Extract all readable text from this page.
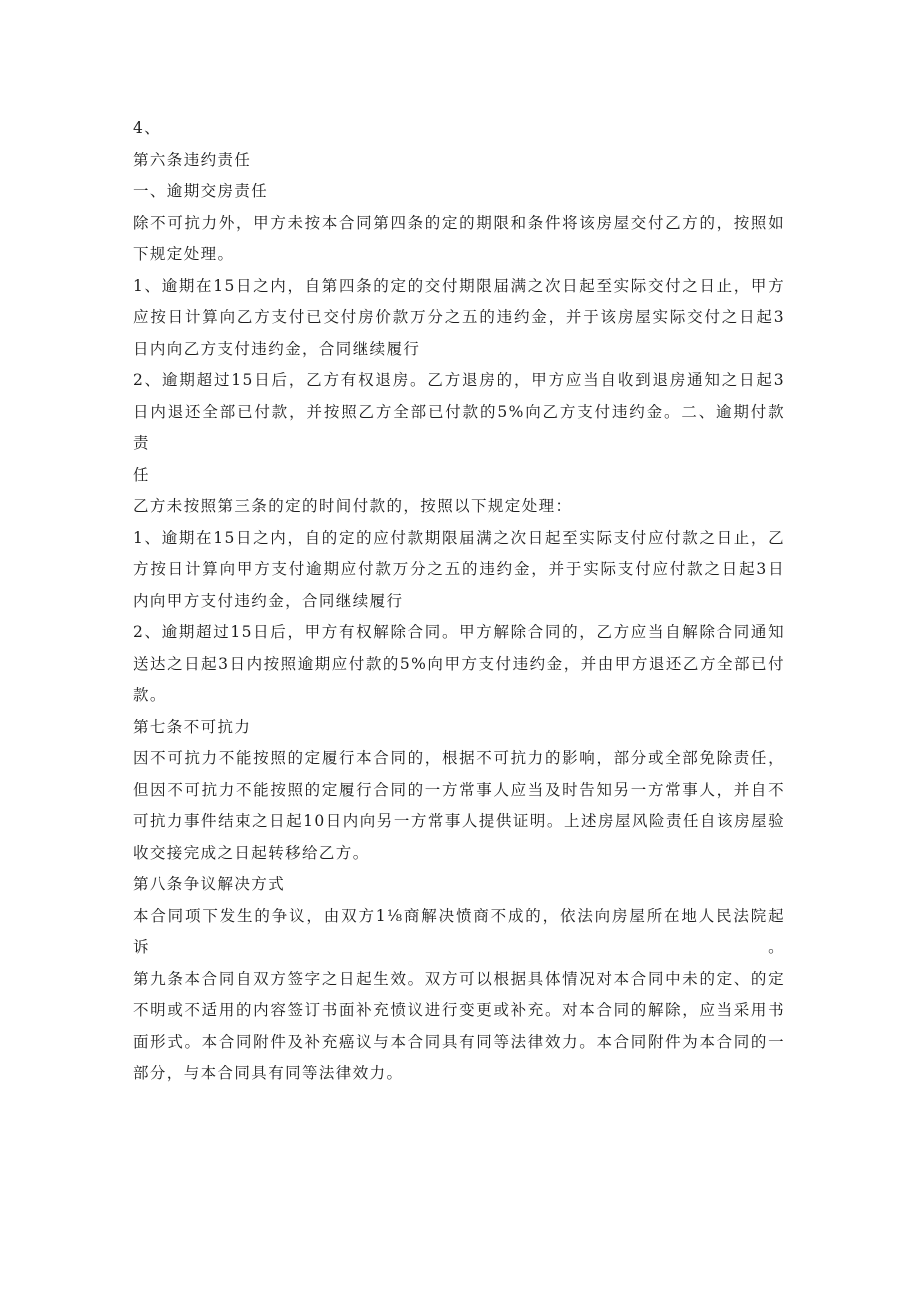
4、

第六条违约责任

一、逾期交房责任

除不可抗力外，甲方未按本合同第四条的定的期限和条件将该房屋交付乙方的，按照如

下规定处理。

1、逾期在15日之内，自第四条的定的交付期限届满之次日起至实际交付之日止，甲方

应按日计算向乙方支付已交付房价款万分之五的违约金，并于该房屋实际交付之日起3

日内向乙方支付违约金，合同继续履行

2、逾期超过15日后，乙方有权退房。乙方退房的，甲方应当自收到退房通知之日起3

日内退还全部已付款，并按照乙方全部已付款的5%向乙方支付违约金。二、逾期付款责

任

乙方未按照第三条的定的时间付款的，按照以下规定处理：

1、逾期在15日之内，自的定的应付款期限届满之次日起至实际支付应付款之日止，乙

方按日计算向甲方支付逾期应付款万分之五的违约金，并于实际支付应付款之日起3日

内向甲方支付违约金，合同继续履行

2、逾期超过15日后，甲方有权解除合同。甲方解除合同的，乙方应当自解除合同通知

送达之日起3日内按照逾期应付款的5%向甲方支付违约金，并由甲方退还乙方全部已付

款。

第七条不可抗力

因不可抗力不能按照的定履行本合同的，根据不可抗力的影响，部分或全部免除责任，

但因不可抗力不能按照的定履行合同的一方常事人应当及时告知另一方常事人，并自不

可抗力事件结束之日起10日内向另一方常事人提供证明。上述房屋风险责任自该房屋验

收交接完成之日起转移给乙方。

第八条争议解决方式

本合同项下发生的争议，由双方1⅛商解决愤商不成的，依法向房屋所在地人民法院起诉。

第九条本合同自双方签字之日起生效。双方可以根据具体情况对本合同中未的定、的定

不明或不适用的内容签订书面补充愤议进行变更或补充。对本合同的解除，应当采用书

面形式。本合同附件及补充癌议与本合同具有同等法律效力。本合同附件为本合同的一

部分，与本合同具有同等法律效力。
